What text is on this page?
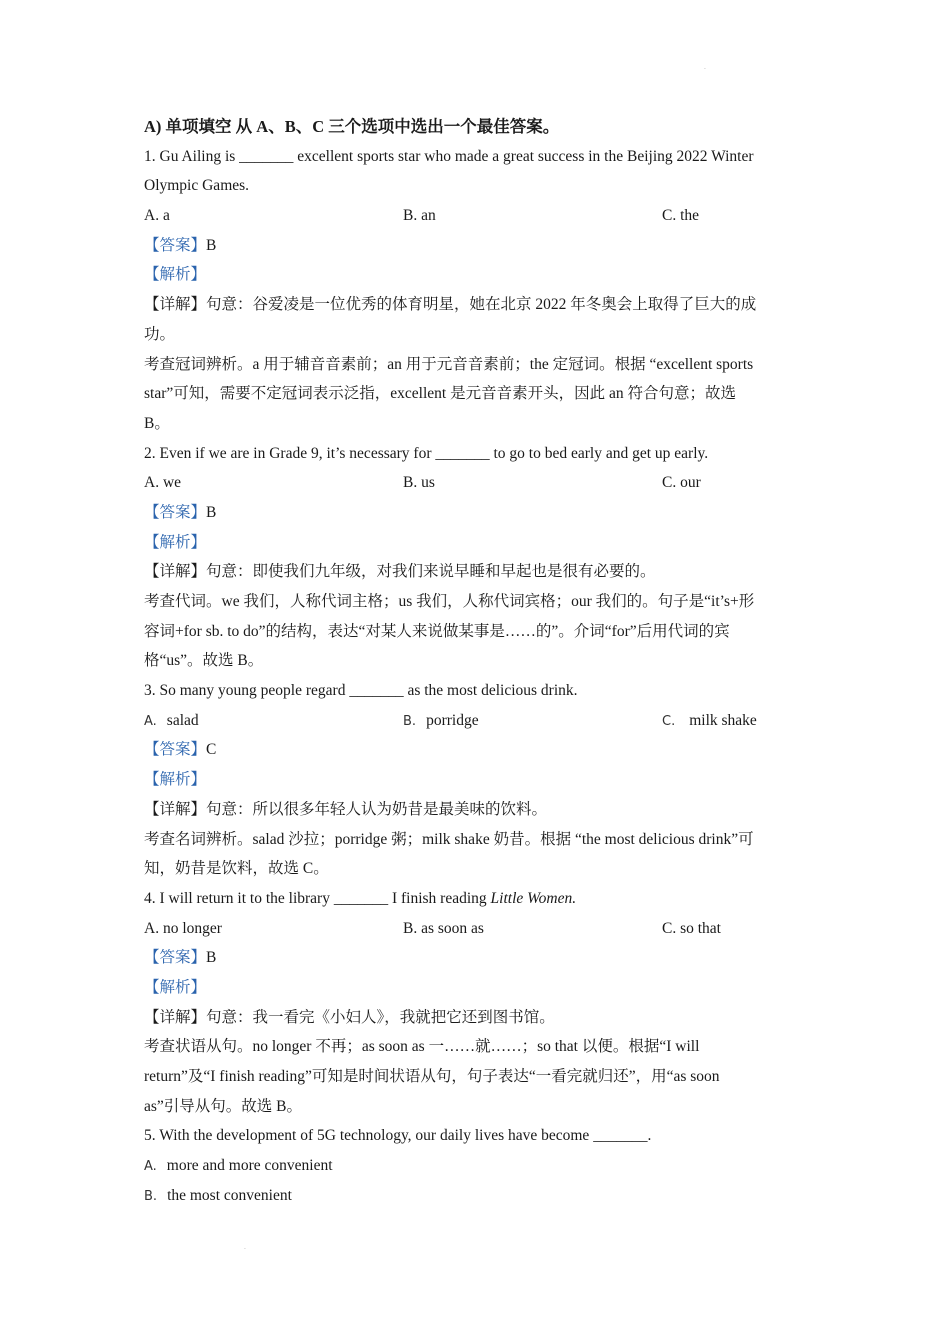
.
.
A) 单项填空 从 A、B、C 三个选项中选出一个最佳答案。
1. Gu Ailing is _______ excellent sports star who made a great success in the Beijing 2022 Winter
Olympic Games.
A. a	B. an	C. the
【答案】B
【解析】
【详解】句意：谷爱凌是一位优秀的体育明星，她在北京 2022 年冬奥会上取得了巨大的成
功。
考查冠词辨析。a 用于辅音音素前；an 用于元音音素前；the 定冠词。根据 “excellent sports
star”可知，需要不定冠词表示泛指，excellent 是元音音素开头，因此 an 符合句意；故选
B。
2. Even if we are in Grade 9, it’s necessary for _______ to go to bed early and get up early.
A. we	B. us	C. our
【答案】B
【解析】
【详解】句意：即使我们九年级，对我们来说早睡和早起也是很有必要的。
考查代词。we 我们，人称代词主格；us 我们，人称代词宾格；our 我们的。句子是“it’s+形
容词+for sb. to do”的结构，表达“对某人来说做某事是……的”。介词“for”后用代词的宾
格“us”。故选 B。
3. So many young people regard _______ as the most delicious drink.
A. salad	B. porridge	C. milk shake
【答案】C
【解析】
【详解】句意：所以很多年轻人认为奶昔是最美味的饮料。
考查名词辨析。salad 沙拉；porridge 粥；milk shake 奶昔。根据 “the most delicious drink”可
知，奶昔是饮料，故选 C。
4. I will return it to the library _______ I finish reading Little Women.
A. no longer	B. as soon as	C. so that
【答案】B
【解析】
【详解】句意：我一看完《小妇人》，我就把它还到图书馆。
考查状语从句。no longer 不再；as soon as 一……就……；so that 以便。根据“I will
return”及“I finish reading”可知是时间状语从句，句子表达“一看完就归还”，用“as soon
as”引导从句。故选 B。
5. With the development of 5G technology, our daily lives have become _______.
A. more and more convenient
B. the most convenient
